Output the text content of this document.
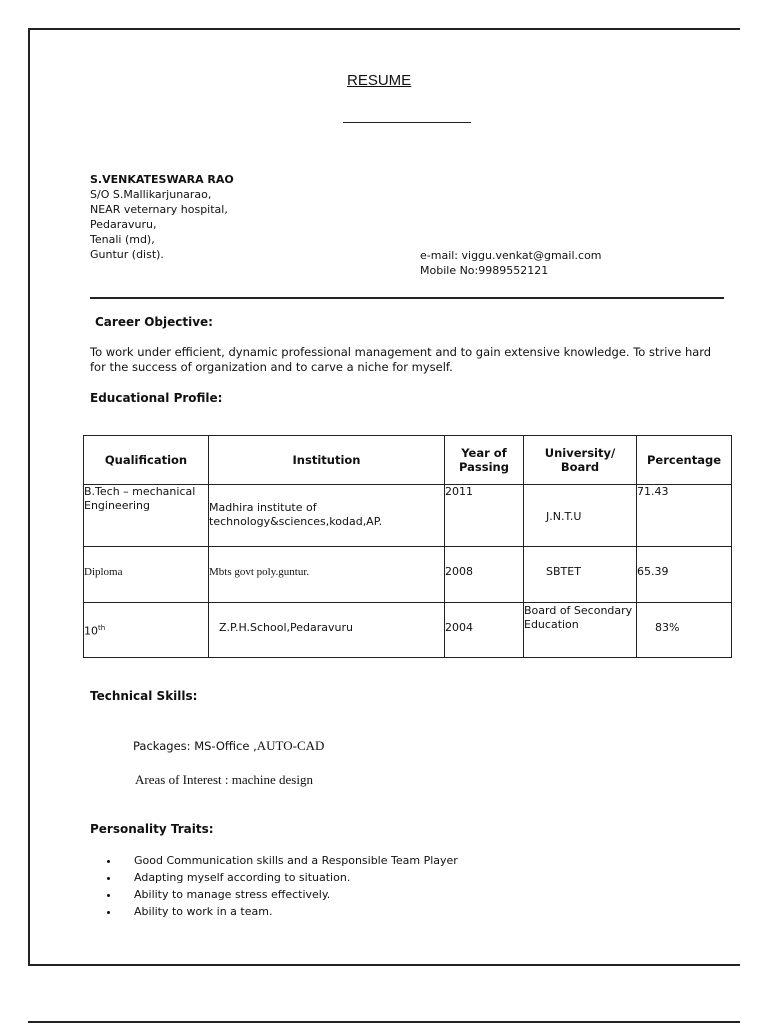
RESUME
S.VENKATESWARA RAO
S/O S.Mallikarjunarao,
NEAR veternary hospital,
Pedaravuru,
Tenali (md),
Guntur (dist).	e-mail: viggu.venkat@gmail.com
Mobile No:9989552121
Career Objective:
To work under efficient, dynamic professional management and to gain extensive knowledge. To strive hard for the success of organization and to carve a niche for myself.
Educational Profile:
Qualification	Institution	Year of Passing	University/ Board	Percentage
B.Tech – mechanical Engineering	Madhira institute of technology&sciences,kodad,AP.	2011	J.N.T.U	71.43
Diploma	Mbts govt poly.guntur.	2008	SBTET	65.39
10th	Z.P.H.School,Pedaravuru	2004	Board of Secondary Education	83%
Technical Skills:
Packages: MS-Office ,AUTO-CAD
Areas of Interest : machine design
Personality Traits:
• Good Communication skills and a Responsible Team Player
• Adapting myself according to situation.
• Ability to manage stress effectively.
• Ability to work in a team.
